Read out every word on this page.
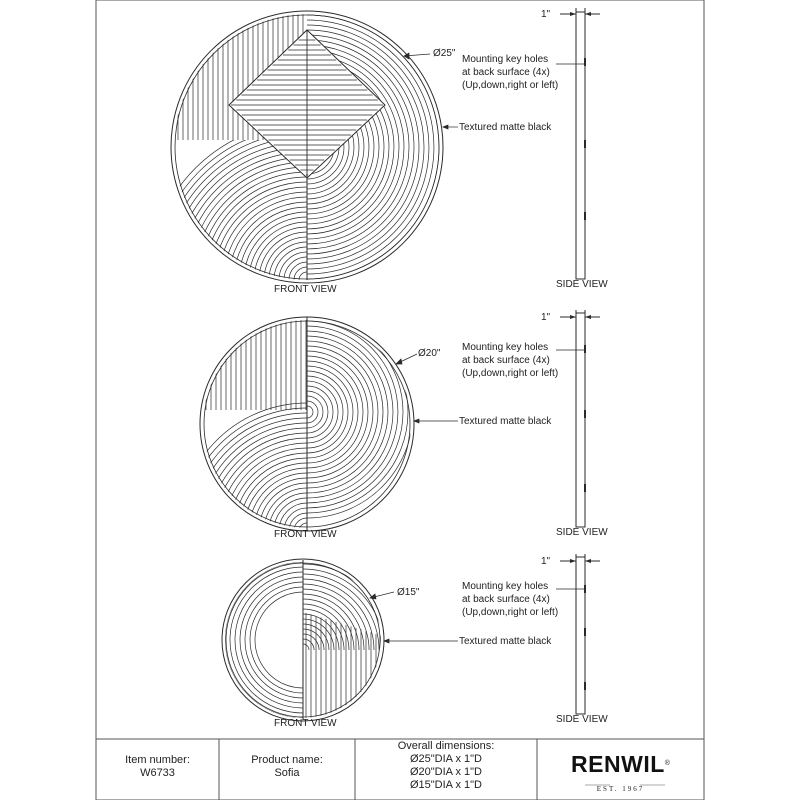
Ø25"
1"
Mounting key holes
at back surface (4x)
(Up,down,right or left)
Textured matte black
FRONT VIEW	SIDE VIEW
Ø20"
1"
Mounting key holes
at back surface (4x)
(Up,down,right or left)
Textured matte black
FRONT VIEW	SIDE VIEW
Ø15"
1"
Mounting key holes
at back surface (4x)
(Up,down,right or left)
Textured matte black
FRONT VIEW	SIDE VIEW
Item number:
W6733
Product name:
Sofia
Overall dimensions:
Ø25"DIA x 1"D
Ø20"DIA x 1"D
Ø15"DIA x 1"D
RENWIL®
EST. 1967
